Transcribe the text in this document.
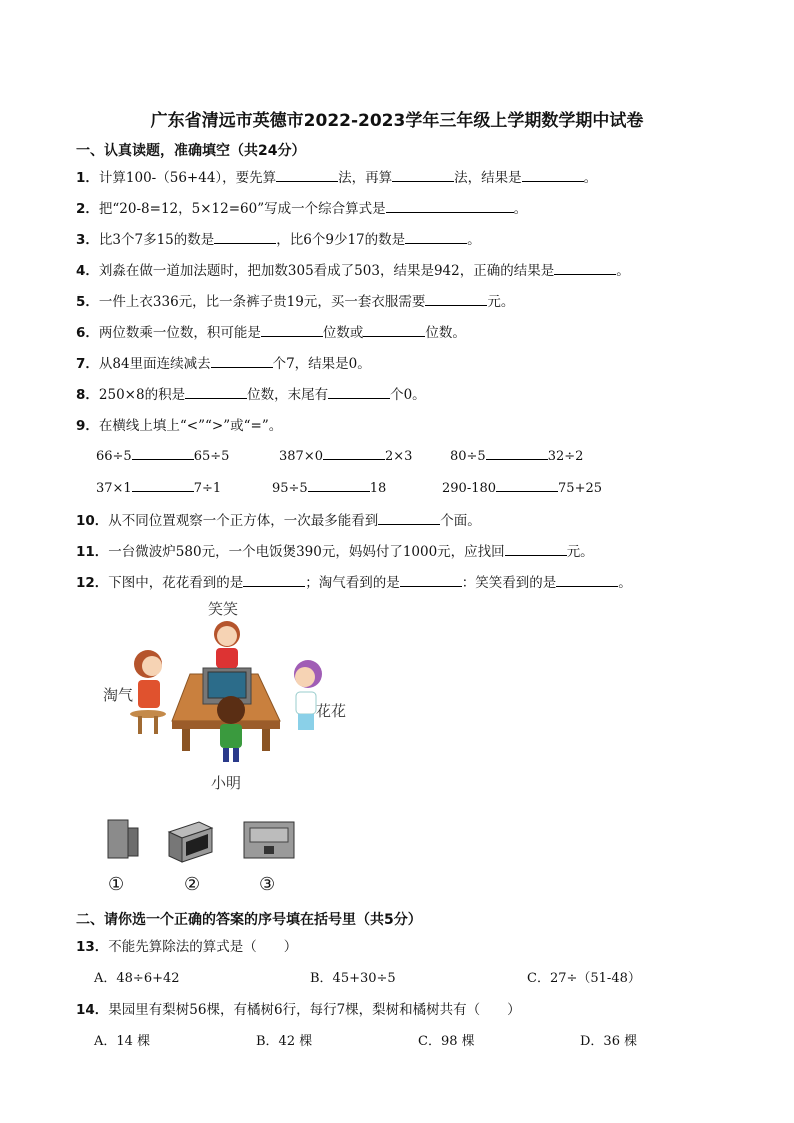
广东省清远市英德市2022-2023学年三年级上学期数学期中试卷
一、认真读题，准确填空（共24分）
1．计算100-（56+44），要先算	法，再算	法，结果是	。
2．把“20-8=12，5×12=60”写成一个综合算式是	。
3．比3个7多15的数是	，比6个9少17的数是	。
4．刘淼在做一道加法题时，把加数305看成了503，结果是942，正确的结果是	。
5．一件上衣336元，比一条裤子贵19元，买一套衣服需要	元。
6．两位数乘一位数，积可能是	位数或	位数。
7．从84里面连续减去	个7，结果是0。
8．250×8的积是	位数，末尾有	个0。
9．在横线上填上“<”“>”或“=”。
66÷5	65÷5	387×0	2×3	80÷5	32÷2
37×1	7÷1	95÷5	18	290-180	75+25
10．从不同位置观察一个正方体，一次最多能看到	个面。
11．一台微波炉580元，一个电饭煲390元，妈妈付了1000元，应找回	元。
12．下图中，花花看到的是	；淘气看到的是	：笑笑看到的是	。
笑笑
淘气
花花
小明
①	②	③
二、请你选一个正确的答案的序号填在括号里（共5分）
13．不能先算除法的算式是（　　）
A．48÷6+42	B．45+30÷5	C．27÷（51-48）
14．果园里有梨树56棵，有橘树6行，每行7棵，梨树和橘树共有（　　）
A．14 棵	B．42 棵	C．98 棵	D．36 棵
